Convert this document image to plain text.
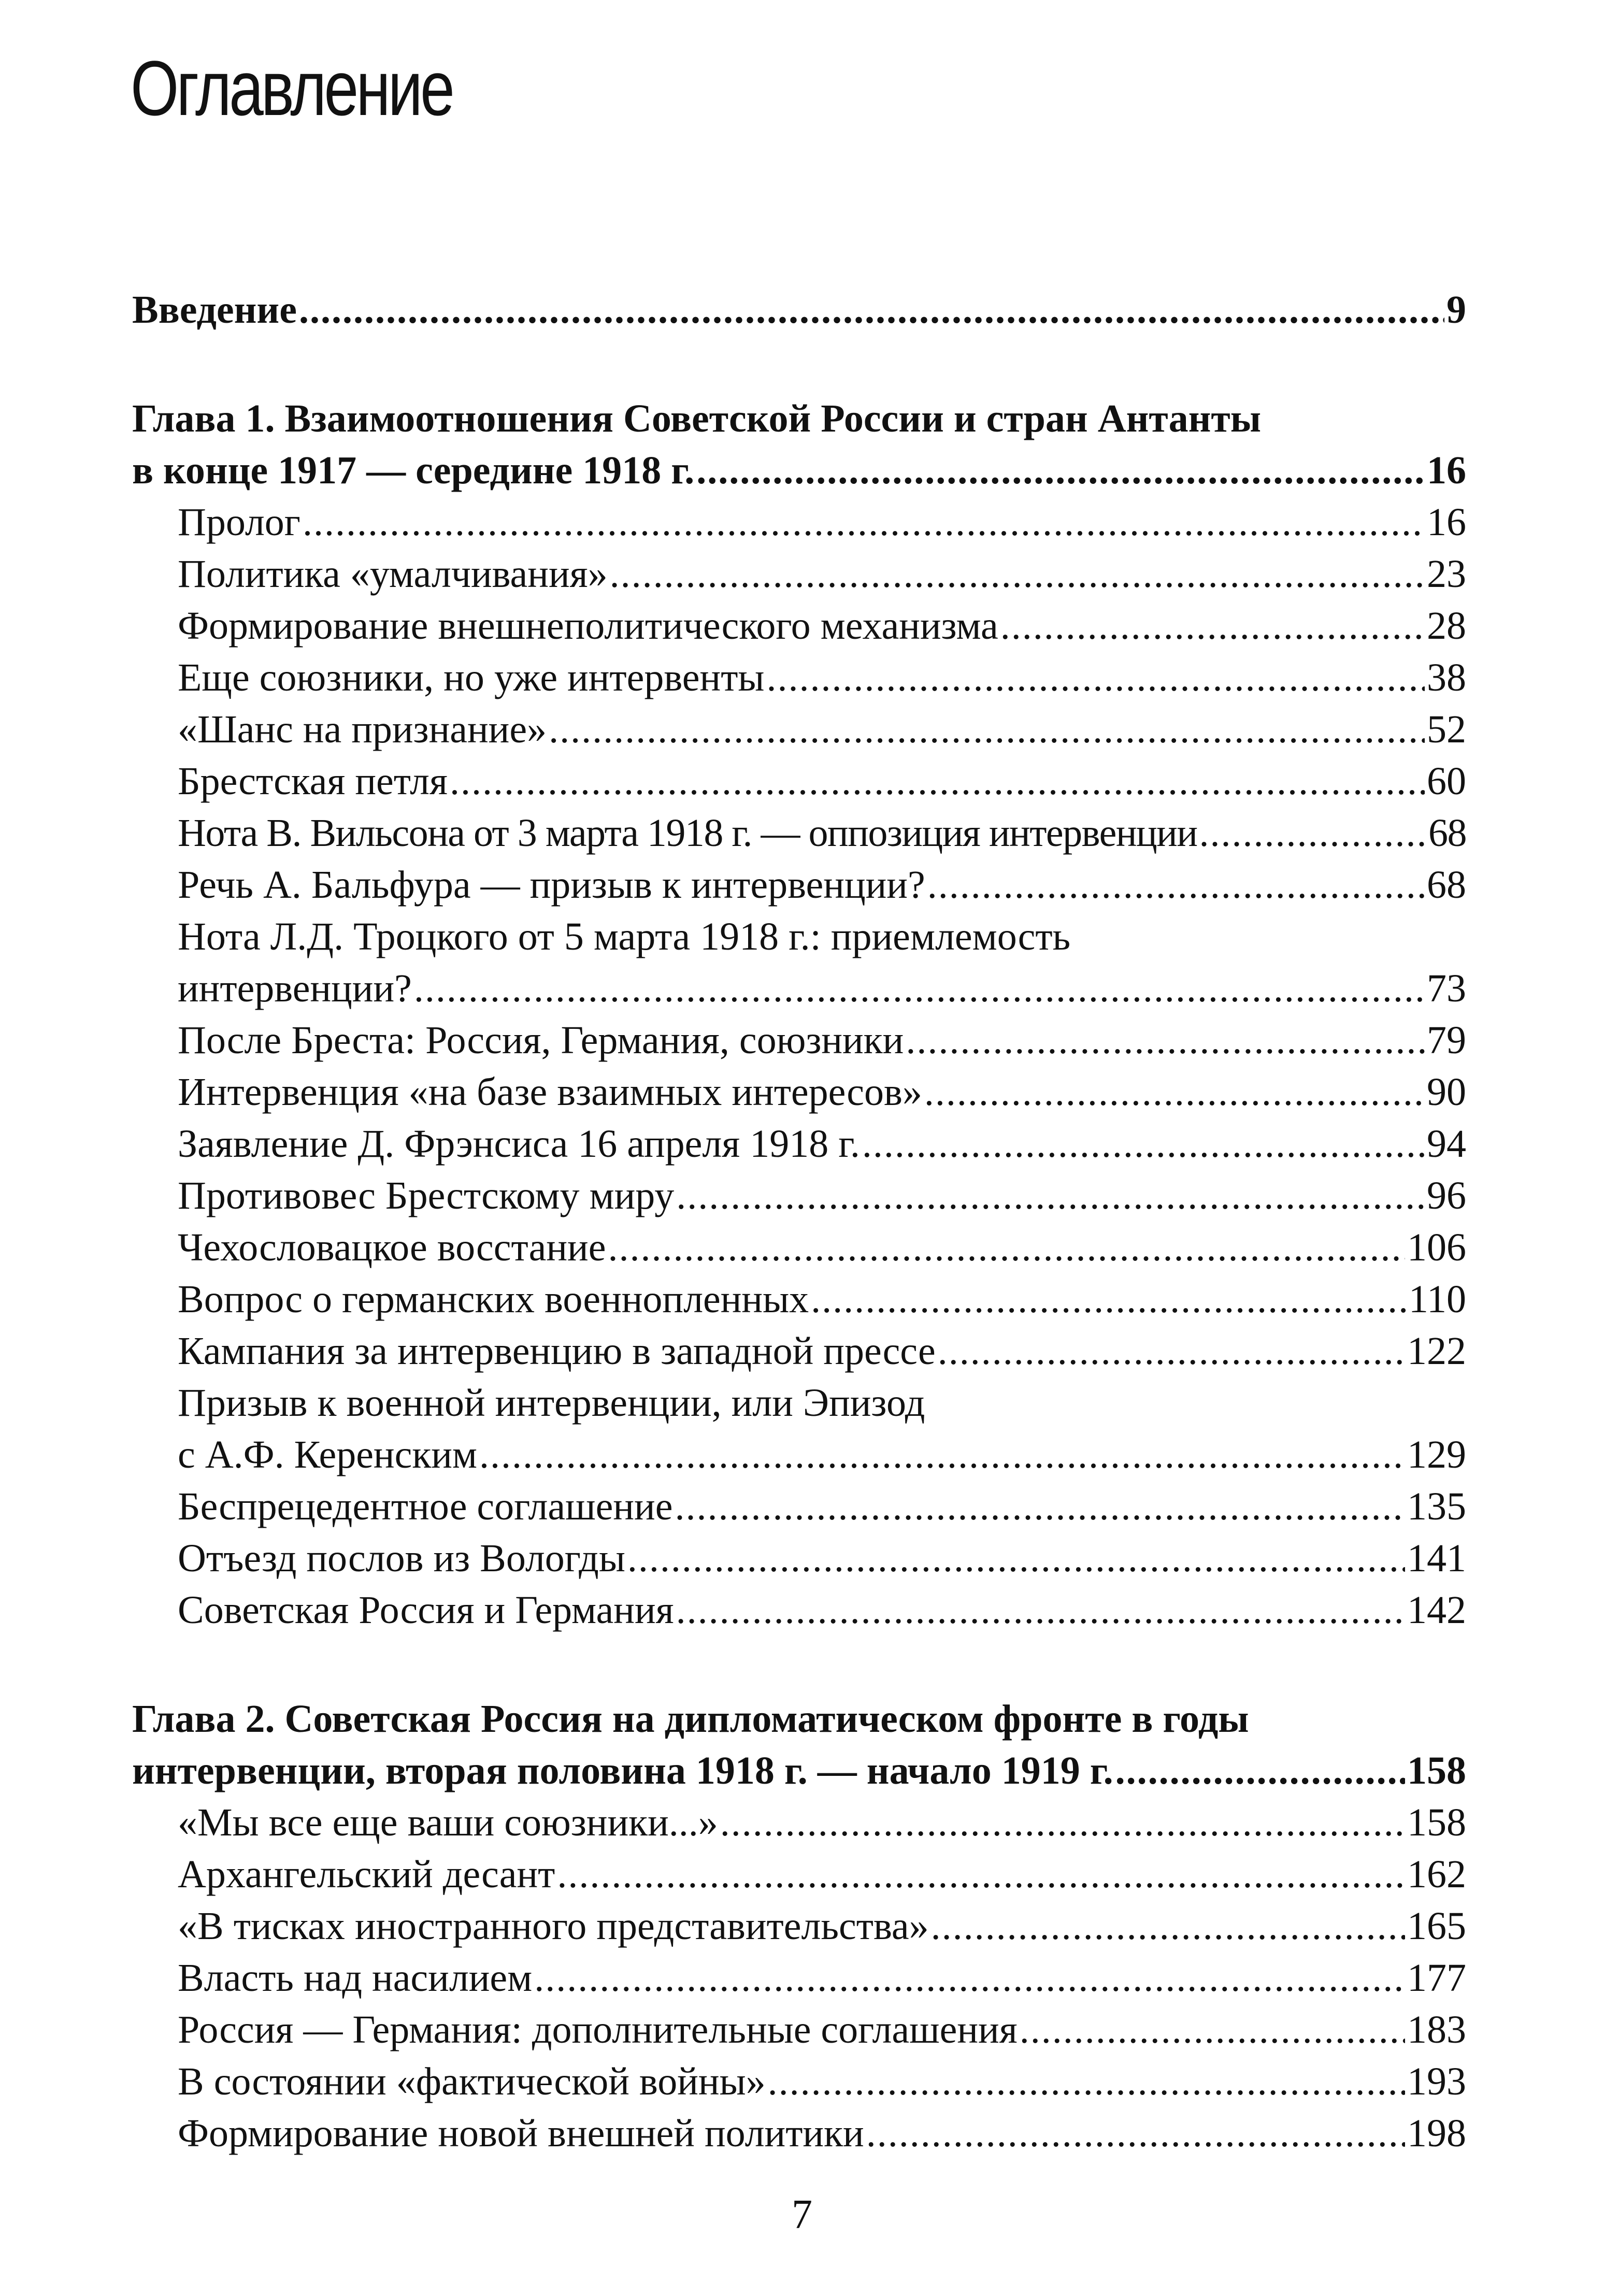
Оглавление
Введение .....	9
Глава 1. Взаимоотношения Советской России и стран Антанты
в конце 1917 — середине 1918 г. .....	16
Пролог .....	16
Политика «умалчивания» .....	23
Формирование внешнеполитического механизма .....	28
Еще союзники, но уже интервенты .....	38
«Шанс на признание» .....	52
Брестская петля .....	60
Нота В. Вильсона от 3 марта 1918 г. — оппозиция интервенции .....	68
Речь А. Бальфура — призыв к интервенции? .....	68
Нота Л.Д. Троцкого от 5 марта 1918 г.: приемлемость
интервенции? .....	73
После Бреста: Россия, Германия, союзники .....	79
Интервенция «на базе взаимных интересов» .....	90
Заявление Д. Фрэнсиса 16 апреля 1918 г. .....	94
Противовес Брестскому миру .....	96
Чехословацкое восстание .....	106
Вопрос о германских военнопленных .....	110
Кампания за интервенцию в западной прессе .....	122
Призыв к военной интервенции, или Эпизод
с А.Ф. Керенским .....	129
Беспрецедентное соглашение .....	135
Отъезд послов из Вологды .....	141
Советская Россия и Германия .....	142
Глава 2. Советская Россия на дипломатическом фронте в годы
интервенции, вторая половина 1918 г. — начало 1919 г. .....	158
«Мы все еще ваши союзники...» .....	158
Архангельский десант .....	162
«В тисках иностранного представительства» .....	165
Власть над насилием .....	177
Россия — Германия: дополнительные соглашения .....	183
В состоянии «фактической войны» .....	193
Формирование новой внешней политики .....	198
7
